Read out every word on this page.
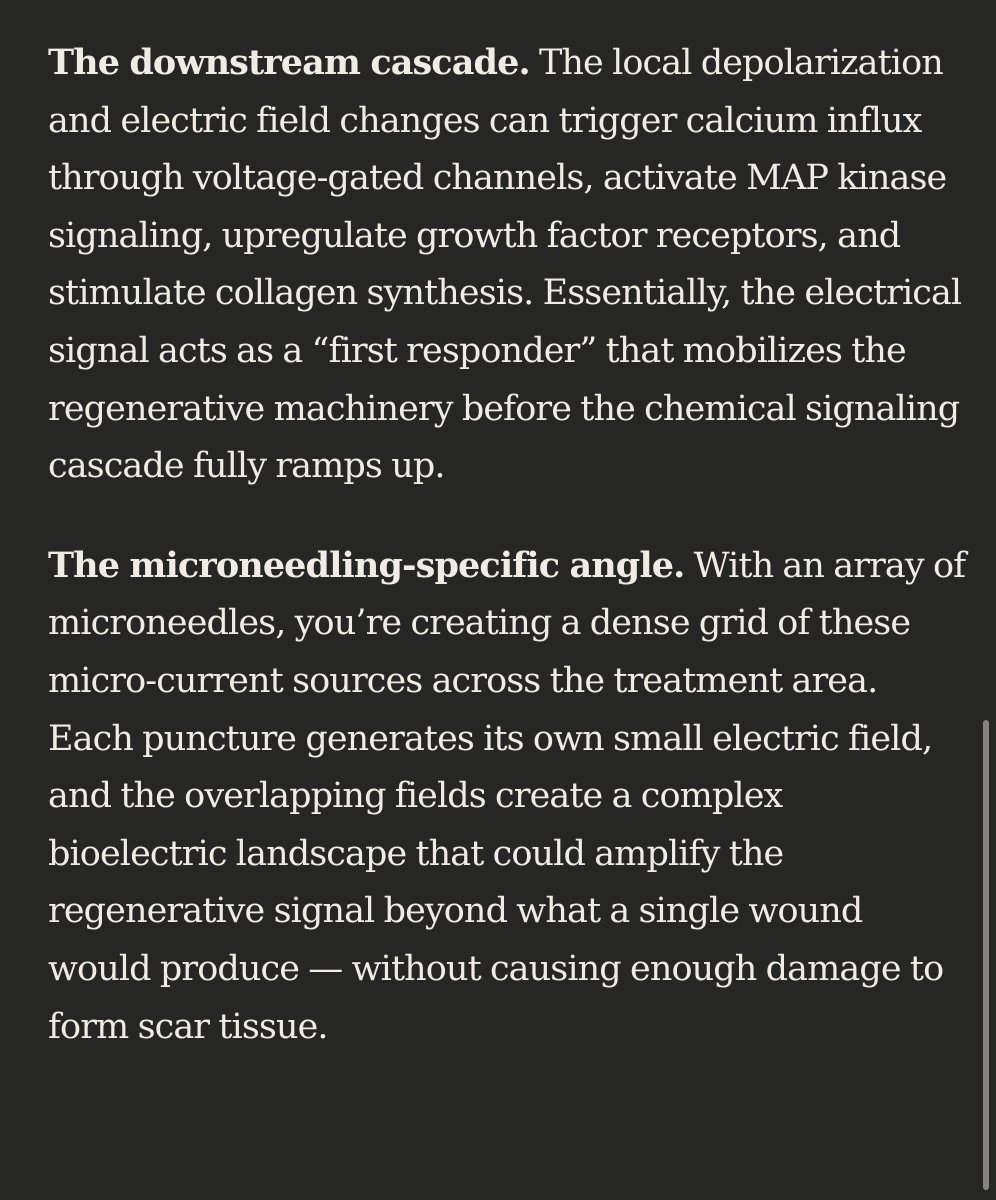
The downstream cascade. The local depolarization and electric field changes can trigger calcium influx through voltage-gated channels, activate MAP kinase signaling, upregulate growth factor receptors, and stimulate collagen synthesis. Essentially, the electrical signal acts as a “first responder” that mobilizes the regenerative machinery before the chemical signaling cascade fully ramps up.

The microneedling-specific angle. With an array of microneedles, you’re creating a dense grid of these micro-current sources across the treatment area. Each puncture generates its own small electric field, and the overlapping fields create a complex bioelectric landscape that could amplify the regenerative signal beyond what a single wound would produce — without causing enough damage to form scar tissue.
